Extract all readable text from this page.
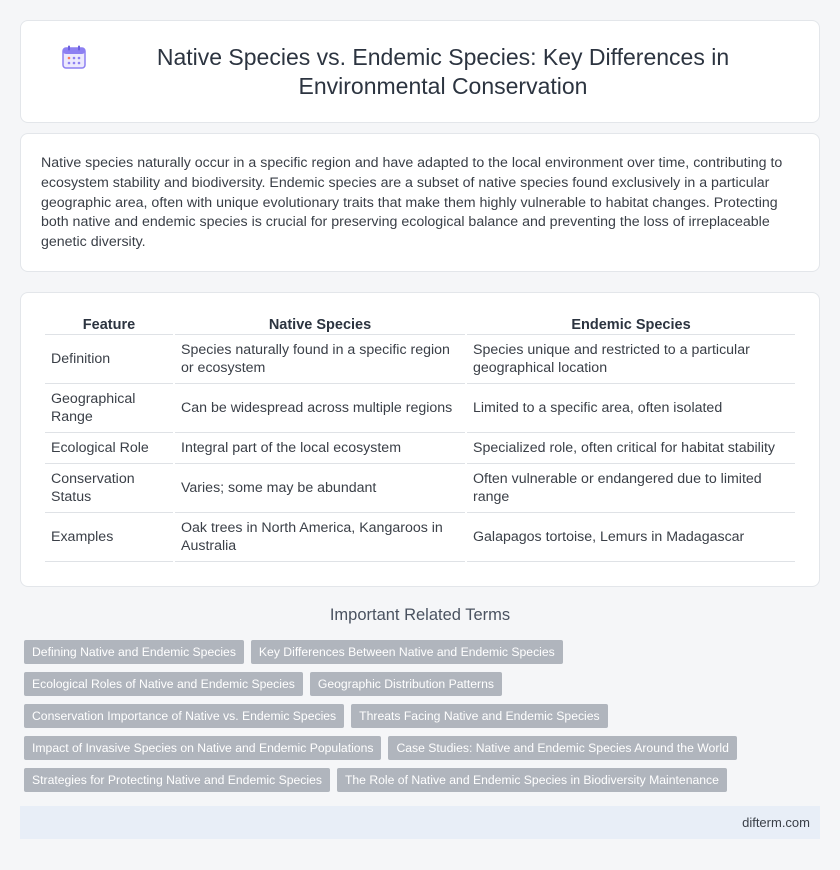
Native Species vs. Endemic Species: Key Differences in Environmental Conservation

Native species naturally occur in a specific region and have adapted to the local environment over time, contributing to ecosystem stability and biodiversity. Endemic species are a subset of native species found exclusively in a particular geographic area, often with unique evolutionary traits that make them highly vulnerable to habitat changes. Protecting both native and endemic species is crucial for preserving ecological balance and preventing the loss of irreplaceable genetic diversity.

Feature	Native Species	Endemic Species
Definition	Species naturally found in a specific region or ecosystem	Species unique and restricted to a particular geographical location
Geographical Range	Can be widespread across multiple regions	Limited to a specific area, often isolated
Ecological Role	Integral part of the local ecosystem	Specialized role, often critical for habitat stability
Conservation Status	Varies; some may be abundant	Often vulnerable or endangered due to limited range
Examples	Oak trees in North America, Kangaroos in Australia	Galapagos tortoise, Lemurs in Madagascar
Important Related Terms
Defining Native and Endemic Species	Key Differences Between Native and Endemic Species
Ecological Roles of Native and Endemic Species	Geographic Distribution Patterns
Conservation Importance of Native vs. Endemic Species	Threats Facing Native and Endemic Species
Impact of Invasive Species on Native and Endemic Populations	Case Studies: Native and Endemic Species Around the World
Strategies for Protecting Native and Endemic Species	The Role of Native and Endemic Species in Biodiversity Maintenance
difterm.com
